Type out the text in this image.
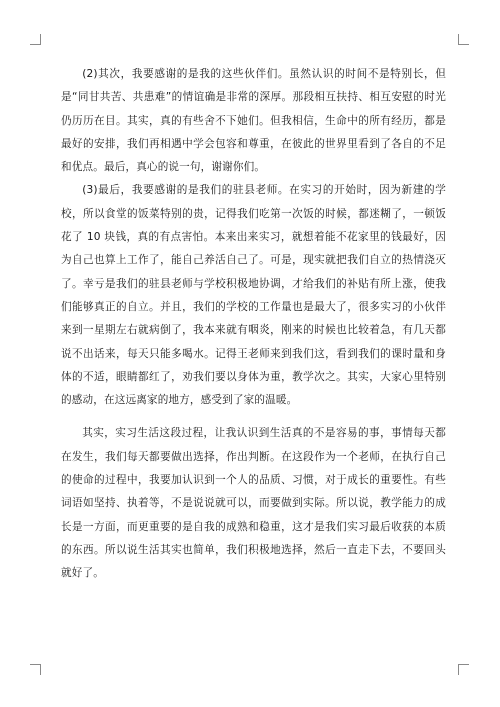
(2)其次，我要感谢的是我的这些伙伴们。虽然认识的时间不是特别长，但是“同甘共苦、共患难”的情谊确是非常的深厚。那段相互扶持、相互安慰的时光仍历历在目。其实，真的有些舍不下她们。但我相信，生命中的所有经历，都是最好的安排，我们再相遇中学会包容和尊重，在彼此的世界里看到了各自的不足和优点。最后，真心的说一句，谢谢你们。

(3)最后，我要感谢的是我们的驻县老师。在实习的开始时，因为新建的学校，所以食堂的饭菜特别的贵，记得我们吃第一次饭的时候，都迷糊了，一顿饭花了 10 块钱，真的有点害怕。本来出来实习，就想着能不花家里的钱最好，因为自己也算上工作了，能自己养活自己了。可是，现实就把我们自立的热情浇灭了。幸亏是我们的驻县老师与学校积极地协调，才给我们的补贴有所上涨，使我们能够真正的自立。并且，我们的学校的工作量也是最大了，很多实习的小伙伴来到一星期左右就病倒了，我本来就有咽炎，刚来的时候也比较着急，有几天都说不出话来，每天只能多喝水。记得王老师来到我们这，看到我们的课时量和身体的不适，眼睛都红了，劝我们要以身体为重，教学次之。其实，大家心里特别的感动，在这远离家的地方，感受到了家的温暖。

其实，实习生活这段过程，让我认识到生活真的不是容易的事，事情每天都在发生，我们每天都要做出选择，作出判断。在这段作为一个老师，在执行自己的使命的过程中，我要加认识到一个人的品质、习惯，对于成长的重要性。有些词语如坚持、执着等，不是说说就可以，而要做到实际。所以说，教学能力的成长是一方面，而更重要的是自我的成熟和稳重，这才是我们实习最后收获的本质的东西。所以说生活其实也简单，我们积极地选择，然后一直走下去，不要回头就好了。
